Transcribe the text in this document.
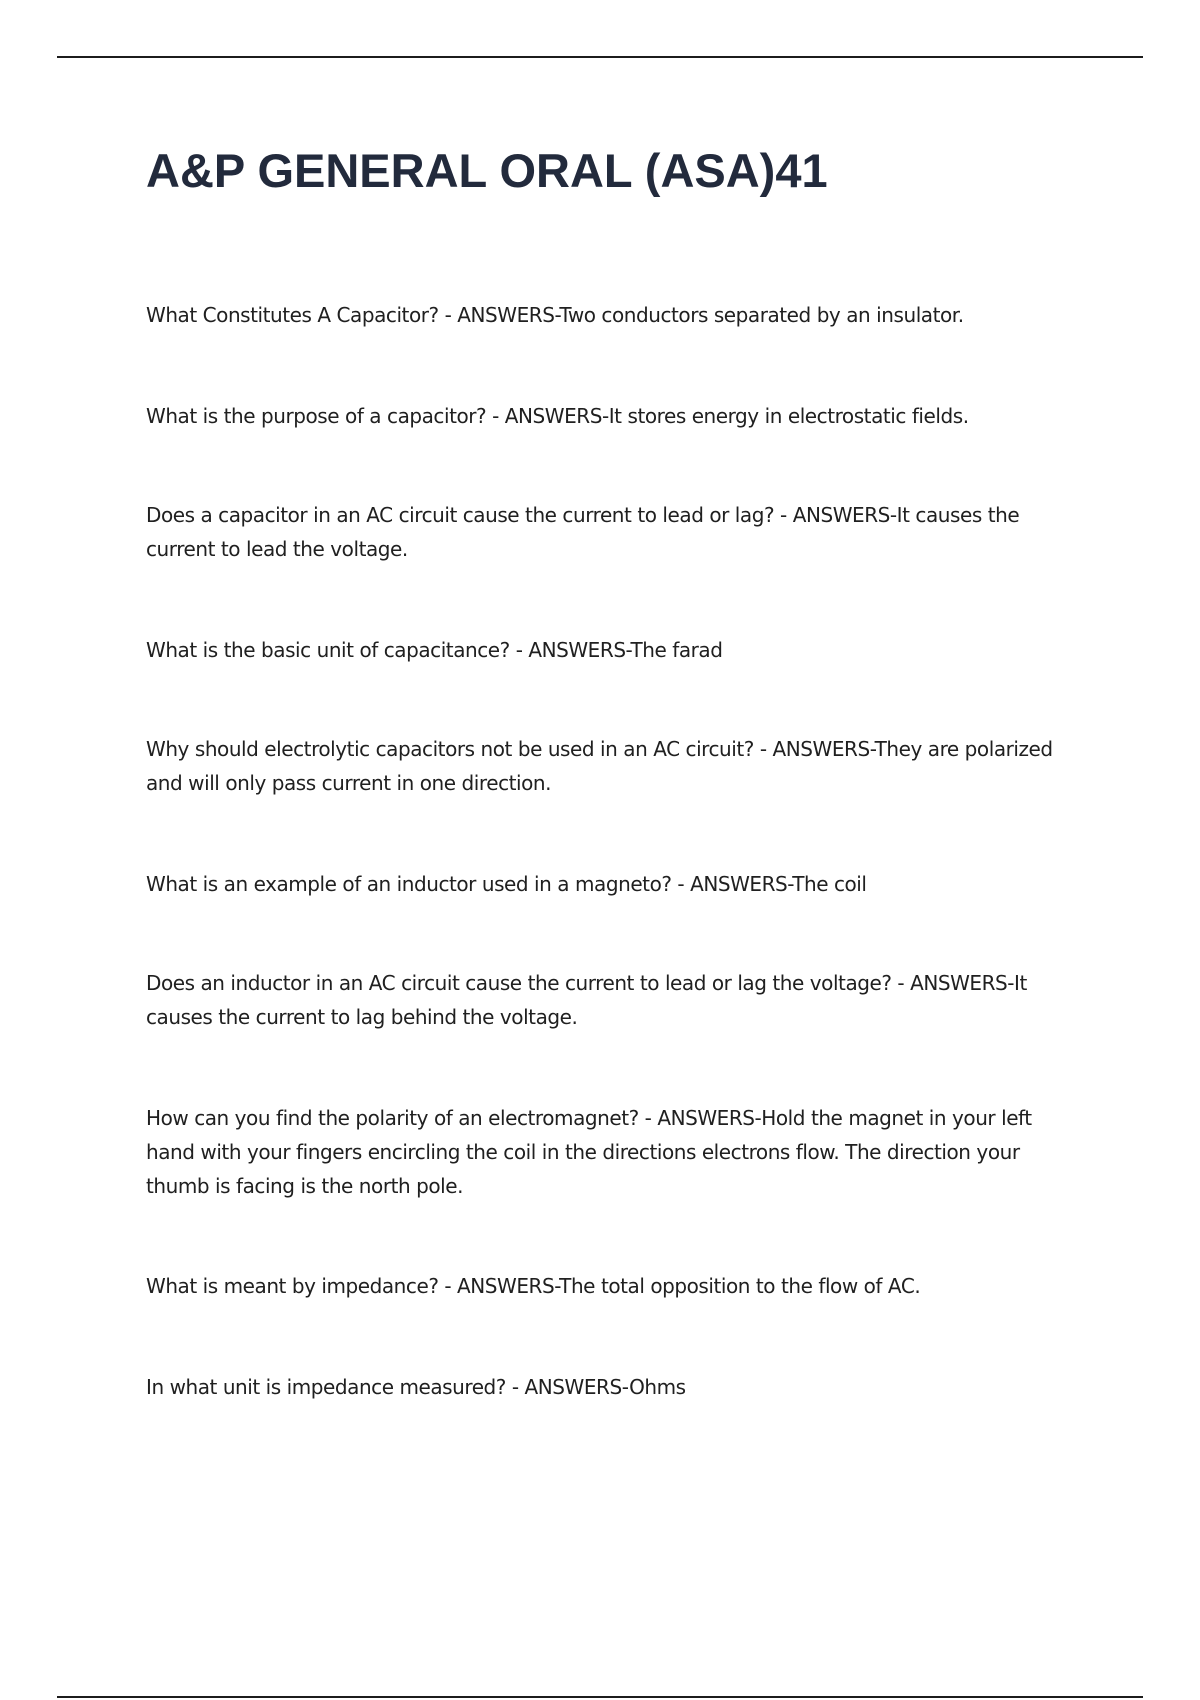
A&P GENERAL ORAL (ASA)41

What Constitutes A Capacitor? - ANSWERS-Two conductors separated by an insulator.

What is the purpose of a capacitor? - ANSWERS-It stores energy in electrostatic fields.

Does a capacitor in an AC circuit cause the current to lead or lag? - ANSWERS-It causes the current to lead the voltage.

What is the basic unit of capacitance? - ANSWERS-The farad

Why should electrolytic capacitors not be used in an AC circuit? - ANSWERS-They are polarized and will only pass current in one direction.

What is an example of an inductor used in a magneto? - ANSWERS-The coil

Does an inductor in an AC circuit cause the current to lead or lag the voltage? - ANSWERS-It causes the current to lag behind the voltage.

How can you find the polarity of an electromagnet? - ANSWERS-Hold the magnet in your left hand with your fingers encircling the coil in the directions electrons flow. The direction your thumb is facing is the north pole.

What is meant by impedance? - ANSWERS-The total opposition to the flow of AC.

In what unit is impedance measured? - ANSWERS-Ohms
